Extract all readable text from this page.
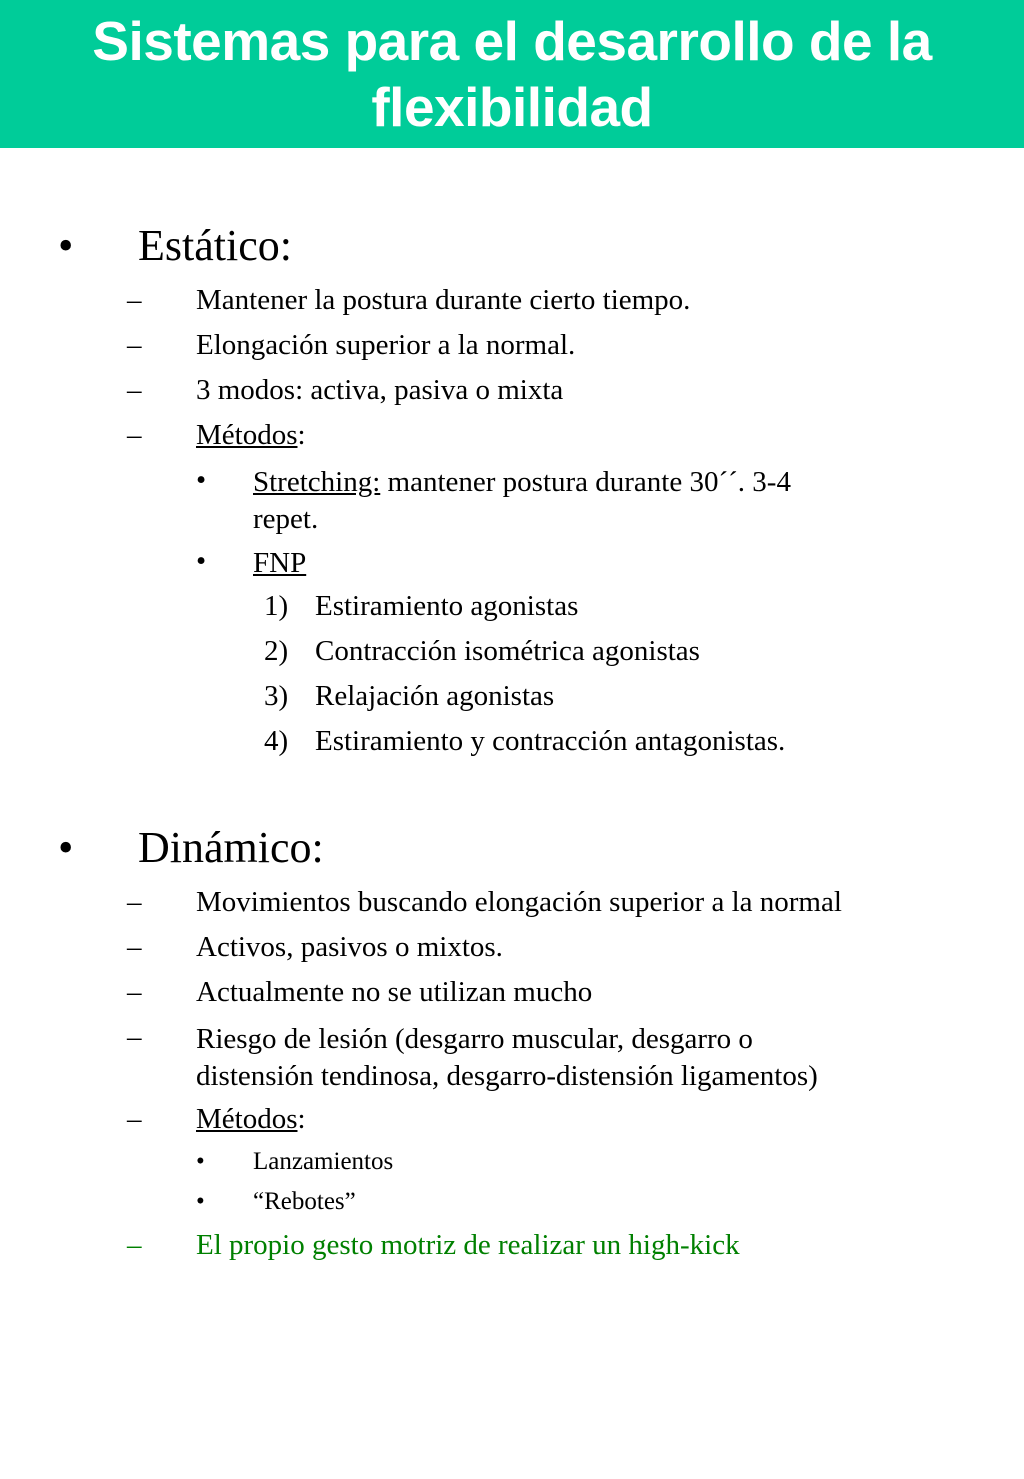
Sistemas para el desarrollo de la
flexibilidad
• Estático:
– Mantener la postura durante cierto tiempo.
– Elongación superior a la normal.
– 3 modos: activa, pasiva o mixta
– Métodos:
• Stretching: mantener postura durante 30´´. 3-4
repet.
• FNP
1) Estiramiento agonistas
2) Contracción isométrica agonistas
3) Relajación agonistas
4) Estiramiento y contracción antagonistas.
• Dinámico:
– Movimientos buscando elongación superior a la normal
– Activos, pasivos o mixtos.
– Actualmente no se utilizan mucho
– Riesgo de lesión (desgarro muscular, desgarro o
distensión tendinosa, desgarro-distensión ligamentos)
– Métodos:
• Lanzamientos
• “Rebotes”
– El propio gesto motriz de realizar un high-kick
